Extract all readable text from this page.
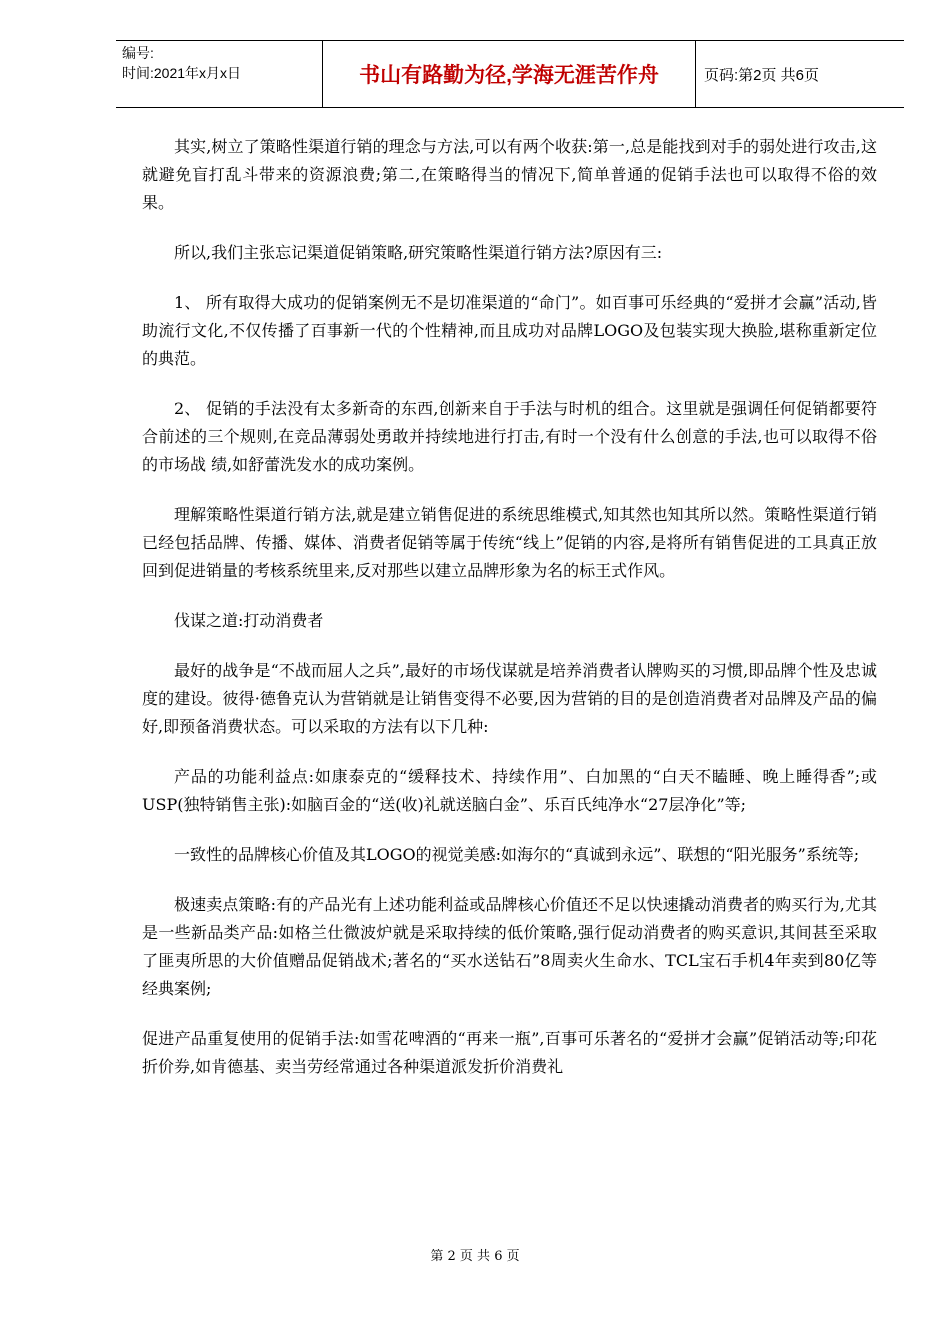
编号:
时间:2021年x月x日	书山有路勤为径,学海无涯苦作舟	页码:第2页 共6页

其实,树立了策略性渠道行销的理念与方法,可以有两个收获:第一,总是能找到对手的弱处进行攻击,这就避免盲打乱斗带来的资源浪费;第二,在策略得当的情况下,简单普通的促销手法也可以取得不俗的效果。

所以,我们主张忘记渠道促销策略,研究策略性渠道行销方法?原因有三:

1、 所有取得大成功的促销案例无不是切准渠道的“命门”。如百事可乐经典的“爱拼才会赢”活动,皆助流行文化,不仅传播了百事新一代的个性精神,而且成功对品牌LOGO及包装实现大换脸,堪称重新定位的典范。

2、 促销的手法没有太多新奇的东西,创新来自于手法与时机的组合。这里就是强调任何促销都要符合前述的三个规则,在竞品薄弱处勇敢并持续地进行打击,有时一个没有什么创意的手法,也可以取得不俗的市场战 绩,如舒蕾洗发水的成功案例。

理解策略性渠道行销方法,就是建立销售促进的系统思维模式,知其然也知其所以然。策略性渠道行销已经包括品牌、传播、媒体、消费者促销等属于传统“线上”促销的内容,是将所有销售促进的工具真正放回到促进销量的考核系统里来,反对那些以建立品牌形象为名的标王式作风。

伐谋之道:打动消费者

最好的战争是“不战而屈人之兵”,最好的市场伐谋就是培养消费者认牌购买的习惯,即品牌个性及忠诚度的建设。彼得·德鲁克认为营销就是让销售变得不必要,因为营销的目的是创造消费者对品牌及产品的偏好,即预备消费状态。可以采取的方法有以下几种:

产品的功能利益点:如康泰克的“缓释技术、持续作用”、白加黑的“白天不瞌睡、晚上睡得香”;或USP(独特销售主张):如脑百金的“送(收)礼就送脑白金”、乐百氏纯净水“27层净化”等;

一致性的品牌核心价值及其LOGO的视觉美感:如海尔的“真诚到永远”、联想的“阳光服务”系统等;

极速卖点策略:有的产品光有上述功能利益或品牌核心价值还不足以快速撬动消费者的购买行为,尤其是一些新品类产品:如格兰仕微波炉就是采取持续的低价策略,强行促动消费者的购买意识,其间甚至采取了匪夷所思的大价值赠品促销战术;著名的“买水送钻石”8周卖火生命水、TCL宝石手机4年卖到80亿等经典案例;

促进产品重复使用的促销手法:如雪花啤酒的“再来一瓶”,百事可乐著名的“爱拼才会赢”促销活动等;印花折价券,如肯德基、卖当劳经常通过各种渠道派发折价消费礼

第 2 页 共 6 页
